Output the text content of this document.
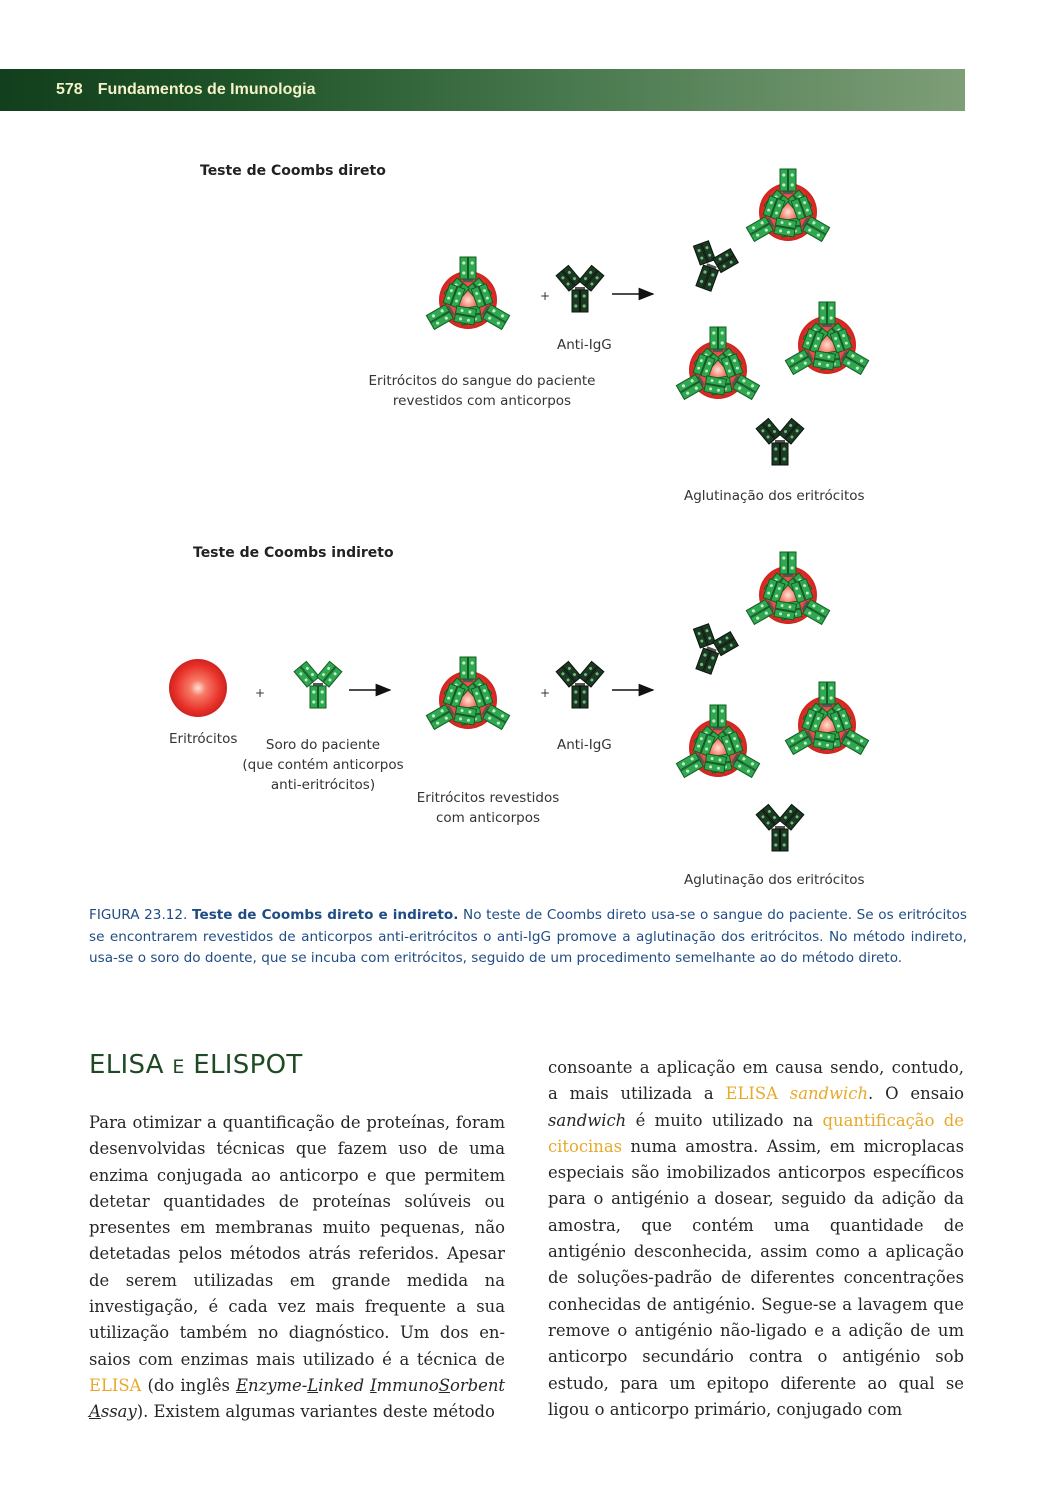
578 Fundamentos de Imunologia
Teste de Coombs direto
+
Anti-IgG
Eritrócitos do sangue do paciente
revestidos com anticorpos
Aglutinação dos eritrócitos
Teste de Coombs indireto
Eritrócitos
+
Soro do paciente
(que contém anticorpos
anti-eritrócitos)
Eritrócitos revestidos
com anticorpos
+
Anti-IgG
Aglutinação dos eritrócitos
FIGURA 23.12. Teste de Coombs direto e indireto. No teste de Coombs direto usa-se o sangue do paciente. Se os eritrócitos se encontrarem revestidos de anticorpos anti-eritrócitos o anti-IgG promove a aglutinação dos eritrócitos. No método indireto, usa-se o soro do doente, que se incuba com eritrócitos, seguido de um procedimento semelhante ao do método direto.
ELISA E ELISPOT
Para otimizar a quantificação de proteínas, foram desenvolvidas técnicas que fazem uso de uma enzima conjugada ao anticorpo e que permitem detetar quantidades de proteínas solúveis ou presentes em membranas muito pequenas, não detetadas pelos métodos atrás referidos. Apesar de serem utilizadas em grande medida na investigação, é cada vez mais frequente a sua utilização também no diagnóstico. Um dos ensaios com enzimas mais utilizado é a técnica de ELISA (do inglês Enzyme-Linked ImmunoSorbent Assay). Existem algumas variantes deste método
consoante a aplicação em causa sendo, contudo, a mais utilizada a ELISA sandwich. O ensaio sandwich é muito utilizado na quantificação de citocinas numa amostra. Assim, em microplacas especiais são imobilizados anticorpos específicos para o antigénio a dosear, seguido da adição da amostra, que contém uma quantidade de antigénio desconhecida, assim como a aplicação de soluções-padrão de diferentes concentrações conhecidas de antigénio. Segue-se a lavagem que remove o antigénio não-ligado e a adição de um anticorpo secundário contra o antigénio sob estudo, para um epitopo diferente ao qual se ligou o anticorpo primário, conjugado com
